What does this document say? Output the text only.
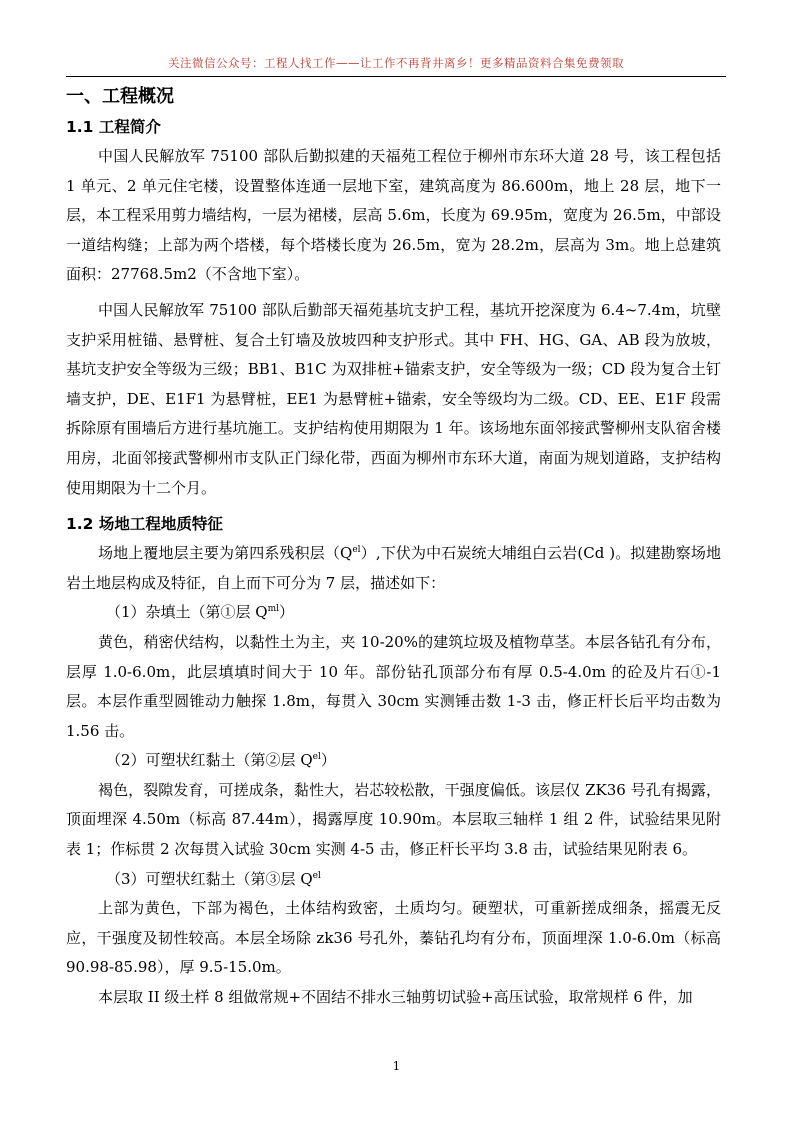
关注微信公众号：工程人找工作——让工作不再背井离乡！更多精品资料合集免费领取
一、工程概况
1.1 工程简介

中国人民解放军 75100 部队后勤拟建的天福苑工程位于柳州市东环大道 28 号，该工程包括 1 单元、2 单元住宅楼，设置整体连通一层地下室，建筑高度为 86.600m，地上 28 层，地下一层，本工程采用剪力墙结构，一层为裙楼，层高 5.6m，长度为 69.95m，宽度为 26.5m，中部设一道结构缝；上部为两个塔楼，每个塔楼长度为 26.5m，宽为 28.2m，层高为 3m。地上总建筑面积：27768.5m2（不含地下室）。

中国人民解放军 75100 部队后勤部天福苑基坑支护工程，基坑开挖深度为 6.4~7.4m，坑壁支护采用桩锚、悬臂桩、复合土钉墙及放坡四种支护形式。其中 FH、HG、GA、AB 段为放坡，基坑支护安全等级为三级；BB1、B1C 为双排桩+锚索支护，安全等级为一级；CD 段为复合土钉墙支护，DE、E1F1 为悬臂桩，EE1 为悬臂桩+锚索，安全等级均为二级。CD、EE、E1F 段需拆除原有围墙后方进行基坑施工。支护结构使用期限为 1 年。该场地东面邻接武警柳州支队宿舍楼用房，北面邻接武警柳州市支队正门绿化带，西面为柳州市东环大道，南面为规划道路，支护结构使用期限为十二个月。

1.2 场地工程地质特征

场地上覆地层主要为第四系残积层$(Q^{el})$,下伏为中石炭统大埔组白云岩(Cd )。拟建勘察场地岩土地层构成及特征，自上而下可分为 7 层，描述如下：

（1）杂填土（第①层 $Q^{ml}$）

黄色，稍密伏结构，以黏性土为主，夹 10-20%的建筑垃圾及植物草茎。本层各钻孔有分布，层厚 1.0-6.0m，此层填填时间大于 10 年。部份钻孔顶部分布有厚 0.5-4.0m 的砼及片石①-1 层。本层作重型圆锥动力触探 1.8m，每贯入 30cm 实测锤击数 1-3 击，修正杆长后平均击数为 1.56 击。

（2）可塑状红黏土（第②层 $Q^{el}$）

褐色，裂隙发育，可搓成条，黏性大，岩芯较松散，干强度偏低。该层仅 ZK36 号孔有揭露，顶面埋深 4.50m（标高 87.44m），揭露厚度 10.90m。本层取三轴样 1 组 2 件，试验结果见附表 1；作标贯 2 次每贯入试验 30cm 实测 4-5 击，修正杆长平均 3.8 击，试验结果见附表 6。

（3）可塑状红黏土（第③层 $Q^{el}$

上部为黄色，下部为褐色，土体结构致密，土质均匀。硬塑状，可重新搓成细条，摇震无反应，干强度及韧性较高。本层全场除 zk36 号孔外，蓁钻孔均有分布，顶面埋深 1.0-6.0m（标高 90.98-85.98），厚 9.5-15.0m。

本层取 II 级土样 8 组做常规+不固结不排水三轴剪切试验+高压试验，取常规样 6 件，加

1
